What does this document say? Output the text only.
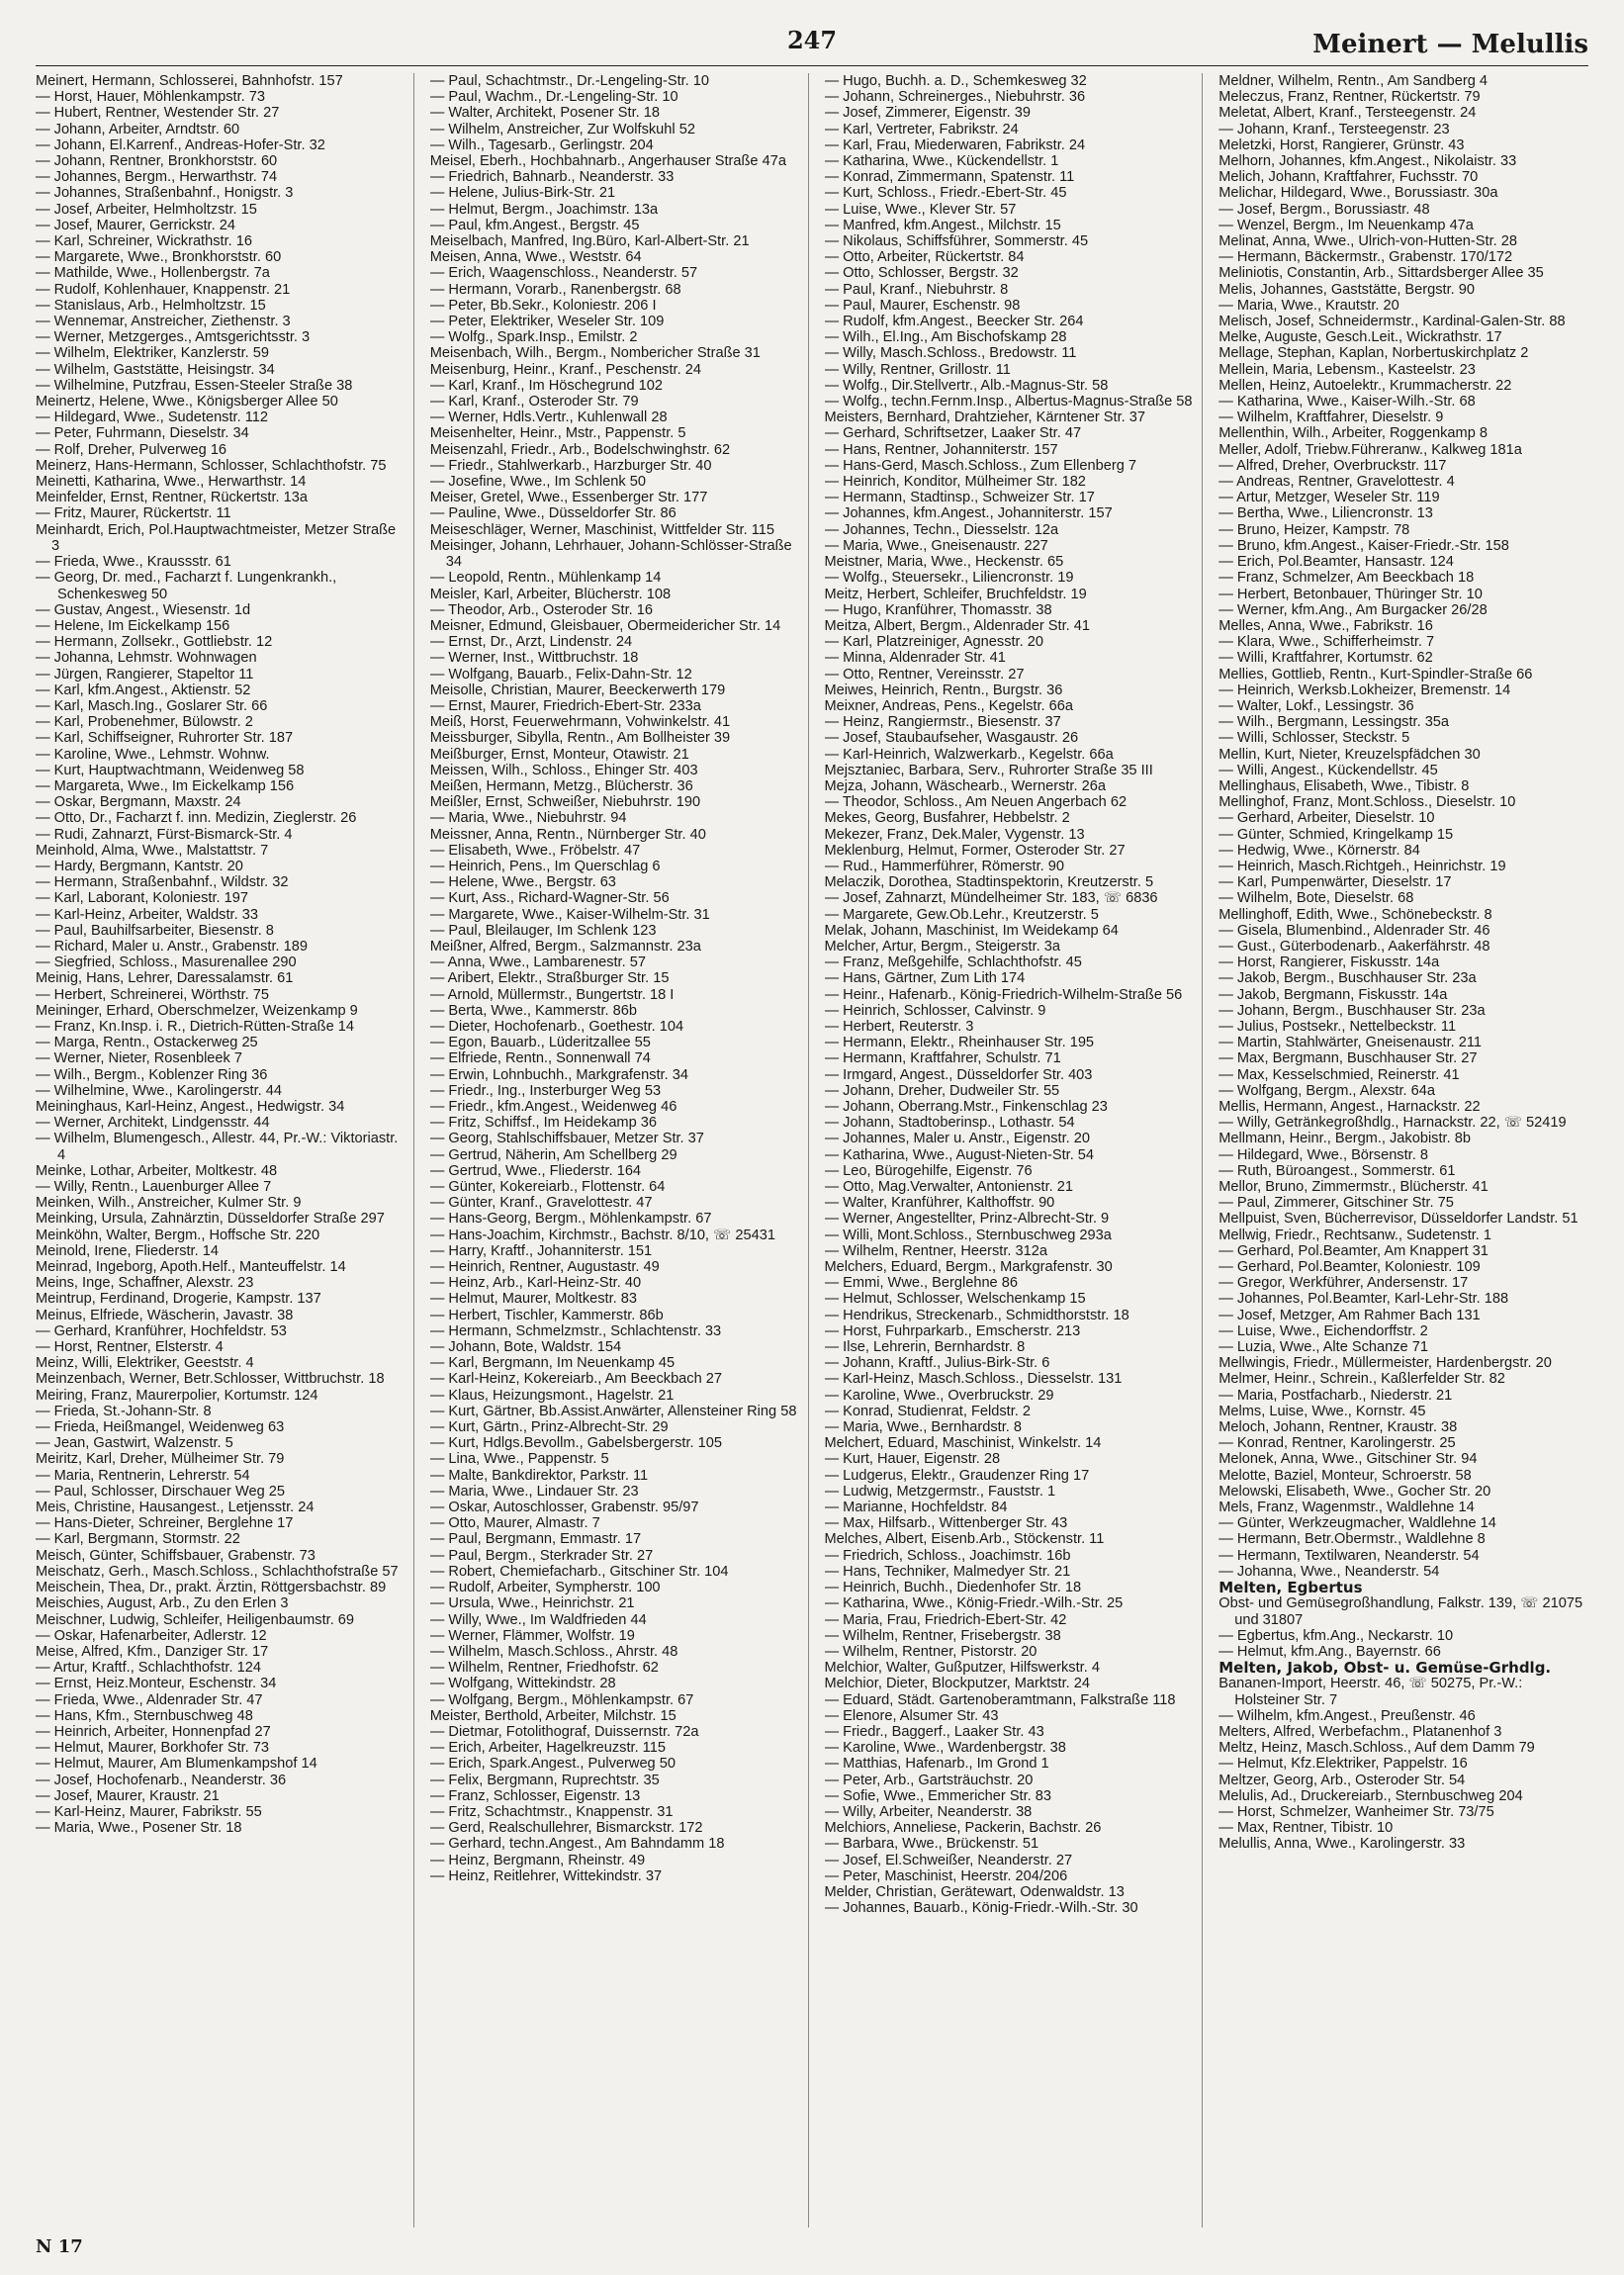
247	Meinert — Melullis
Meinert, Hermann, Schlosserei, Bahnhofstr. 157
— Horst, Hauer, Möhlenkampstr. 73
— Hubert, Rentner, Westender Str. 27
— Johann, Arbeiter, Arndtstr. 60
— Johann, El.Karrenf., Andreas-Hofer-Str. 32
— Johann, Rentner, Bronkhorststr. 60
— Johannes, Bergm., Herwarthstr. 74
— Johannes, Straßenbahnf., Honigstr. 3
— Josef, Arbeiter, Helmholtzstr. 15
— Josef, Maurer, Gerrickstr. 24
— Karl, Schreiner, Wickrathstr. 16
— Margarete, Wwe., Bronkhorststr. 60
— Mathilde, Wwe., Hollenbergstr. 7a
— Rudolf, Kohlenhauer, Knappenstr. 21
— Stanislaus, Arb., Helmholtzstr. 15
— Wennemar, Anstreicher, Ziethenstr. 3
— Werner, Metzgerges., Amtsgerichtsstr. 3
— Wilhelm, Elektriker, Kanzlerstr. 59
— Wilhelm, Gaststätte, Heisingstr. 34
— Wilhelmine, Putzfrau, Essen-Steeler Straße 38
Meinertz, Helene, Wwe., Königsberger Allee 50
— Hildegard, Wwe., Sudetenstr. 112
— Peter, Fuhrmann, Dieselstr. 34
— Rolf, Dreher, Pulverweg 16
Meinerz, Hans-Hermann, Schlosser, Schlachthofstr. 75
Meinetti, Katharina, Wwe., Herwarthstr. 14
Meinfelder, Ernst, Rentner, Rückertstr. 13a
— Fritz, Maurer, Rückertstr. 11
Meinhardt, Erich, Pol.Hauptwachtmeister, Metzer Straße 3
— Frieda, Wwe., Kraussstr. 61
— Georg, Dr. med., Facharzt f. Lungenkrankh., Schenkesweg 50
— Gustav, Angest., Wiesenstr. 1d
— Helene, Im Eickelkamp 156
— Hermann, Zollsekr., Gottliebstr. 12
— Johanna, Lehmstr. Wohnwagen
— Jürgen, Rangierer, Stapeltor 11
— Karl, kfm.Angest., Aktienstr. 52
— Karl, Masch.Ing., Goslarer Str. 66
— Karl, Probenehmer, Bülowstr. 2
— Karl, Schiffseigner, Ruhrorter Str. 187
— Karoline, Wwe., Lehmstr. Wohnw.
— Kurt, Hauptwachtmann, Weidenweg 58
— Margareta, Wwe., Im Eickelkamp 156
— Oskar, Bergmann, Maxstr. 24
— Otto, Dr., Facharzt f. inn. Medizin, Zieglerstr. 26
— Rudi, Zahnarzt, Fürst-Bismarck-Str. 4
Meinhold, Alma, Wwe., Malstattstr. 7
— Hardy, Bergmann, Kantstr. 20
— Hermann, Straßenbahnf., Wildstr. 32
— Karl, Laborant, Koloniestr. 197
— Karl-Heinz, Arbeiter, Waldstr. 33
— Paul, Bauhilfsarbeiter, Biesenstr. 8
— Richard, Maler u. Anstr., Grabenstr. 189
— Siegfried, Schloss., Masurenallee 290
Meinig, Hans, Lehrer, Daressalamstr. 61
— Herbert, Schreinerei, Wörthstr. 75
Meininger, Erhard, Oberschmelzer, Weizenkamp 9
— Franz, Kn.Insp. i. R., Dietrich-Rütten-Straße 14
— Marga, Rentn., Ostackerweg 25
— Werner, Nieter, Rosenbleek 7
— Wilh., Bergm., Koblenzer Ring 36
— Wilhelmine, Wwe., Karolingerstr. 44
Meininghaus, Karl-Heinz, Angest., Hedwigstr. 34
— Werner, Architekt, Lindgensstr. 44
— Wilhelm, Blumengesch., Allestr. 44, Pr.-W.: Viktoriastr. 4
Meinke, Lothar, Arbeiter, Moltkestr. 48
— Willy, Rentn., Lauenburger Allee 7
Meinken, Wilh., Anstreicher, Kulmer Str. 9
Meinking, Ursula, Zahnärztin, Düsseldorfer Straße 297
Meinköhn, Walter, Bergm., Hoffsche Str. 220
Meinold, Irene, Fliederstr. 14
Meinrad, Ingeborg, Apoth.Helf., Manteuffelstr. 14
Meins, Inge, Schaffner, Alexstr. 23
Meintrup, Ferdinand, Drogerie, Kampstr. 137
Meinus, Elfriede, Wäscherin, Javastr. 38
— Gerhard, Kranführer, Hochfeldstr. 53
— Horst, Rentner, Elsterstr. 4
Meinz, Willi, Elektriker, Geeststr. 4
Meinzenbach, Werner, Betr.Schlosser, Wittbruchstr. 18
Meiring, Franz, Maurerpolier, Kortumstr. 124
— Frieda, St.-Johann-Str. 8
— Frieda, Heißmangel, Weidenweg 63
— Jean, Gastwirt, Walzenstr. 5
Meiritz, Karl, Dreher, Mülheimer Str. 79
— Maria, Rentnerin, Lehrerstr. 54
— Paul, Schlosser, Dirschauer Weg 25
Meis, Christine, Hausangest., Letjensstr. 24
— Hans-Dieter, Schreiner, Berglehne 17
— Karl, Bergmann, Stormstr. 22
Meisch, Günter, Schiffsbauer, Grabenstr. 73
Meischatz, Gerh., Masch.Schloss., Schlachthofstraße 57
Meischein, Thea, Dr., prakt. Ärztin, Röttgersbachstr. 89
Meischies, August, Arb., Zu den Erlen 3
Meischner, Ludwig, Schleifer, Heiligenbaumstr. 69
— Oskar, Hafenarbeiter, Adlerstr. 12
Meise, Alfred, Kfm., Danziger Str. 17
— Artur, Kraftf., Schlachthofstr. 124
— Ernst, Heiz.Monteur, Eschenstr. 34
— Frieda, Wwe., Aldenrader Str. 47
— Hans, Kfm., Sternbuschweg 48
— Heinrich, Arbeiter, Honnenpfad 27
— Helmut, Maurer, Borkhofer Str. 73
— Helmut, Maurer, Am Blumenkampshof 14
— Josef, Hochofenarb., Neanderstr. 36
— Josef, Maurer, Kraustr. 21
— Karl-Heinz, Maurer, Fabrikstr. 55
— Maria, Wwe., Posener Str. 18
— Paul, Schachtmstr., Dr.-Lengeling-Str. 10
— Paul, Wachm., Dr.-Lengeling-Str. 10
— Walter, Architekt, Posener Str. 18
— Wilhelm, Anstreicher, Zur Wolfskuhl 52
— Wilh., Tagesarb., Gerlingstr. 204
Meisel, Eberh., Hochbahnarb., Angerhauser Straße 47a
— Friedrich, Bahnarb., Neanderstr. 33
— Helene, Julius-Birk-Str. 21
— Helmut, Bergm., Joachimstr. 13a
— Paul, kfm.Angest., Bergstr. 45
Meiselbach, Manfred, Ing.Büro, Karl-Albert-Str. 21
Meisen, Anna, Wwe., Weststr. 64
— Erich, Waagenschloss., Neanderstr. 57
— Hermann, Vorarb., Ranenbergstr. 68
— Peter, Bb.Sekr., Koloniestr. 206 I
— Peter, Elektriker, Weseler Str. 109
— Wolfg., Spark.Insp., Emilstr. 2
Meisenbach, Wilh., Bergm., Nombericher Straße 31
Meisenburg, Heinr., Kranf., Peschenstr. 24
— Karl, Kranf., Im Höschegrund 102
— Karl, Kranf., Osteroder Str. 79
— Werner, Hdls.Vertr., Kuhlenwall 28
Meisenhelter, Heinr., Mstr., Pappenstr. 5
Meisenzahl, Friedr., Arb., Bodelschwinghstr. 62
— Friedr., Stahlwerkarb., Harzburger Str. 40
— Josefine, Wwe., Im Schlenk 50
Meiser, Gretel, Wwe., Essenberger Str. 177
— Pauline, Wwe., Düsseldorfer Str. 86
Meiseschläger, Werner, Maschinist, Wittfelder Str. 115
Meisinger, Johann, Lehrhauer, Johann-Schlösser-Straße 34
— Leopold, Rentn., Mühlenkamp 14
Meisler, Karl, Arbeiter, Blücherstr. 108
— Theodor, Arb., Osteroder Str. 16
Meisner, Edmund, Gleisbauer, Obermeidericher Str. 14
— Ernst, Dr., Arzt, Lindenstr. 24
— Werner, Inst., Wittbruchstr. 18
— Wolfgang, Bauarb., Felix-Dahn-Str. 12
Meisolle, Christian, Maurer, Beeckerwerth 179
— Ernst, Maurer, Friedrich-Ebert-Str. 233a
Meiß, Horst, Feuerwehrmann, Vohwinkelstr. 41
Meissburger, Sibylla, Rentn., Am Bollheister 39
Meißburger, Ernst, Monteur, Otawistr. 21
Meissen, Wilh., Schloss., Ehinger Str. 403
Meißen, Hermann, Metzg., Blücherstr. 36
Meißler, Ernst, Schweißer, Niebuhrstr. 190
— Maria, Wwe., Niebuhrstr. 94
Meissner, Anna, Rentn., Nürnberger Str. 40
— Elisabeth, Wwe., Fröbelstr. 47
— Heinrich, Pens., Im Querschlag 6
— Helene, Wwe., Bergstr. 63
— Kurt, Ass., Richard-Wagner-Str. 56
— Margarete, Wwe., Kaiser-Wilhelm-Str. 31
— Paul, Bleilauger, Im Schlenk 123
Meißner, Alfred, Bergm., Salzmannstr. 23a
— Anna, Wwe., Lambarenestr. 57
— Aribert, Elektr., Straßburger Str. 15
— Arnold, Müllermstr., Bungertstr. 18 I
— Berta, Wwe., Kammerstr. 86b
— Dieter, Hochofenarb., Goethestr. 104
— Egon, Bauarb., Lüderitzallee 55
— Elfriede, Rentn., Sonnenwall 74
— Erwin, Lohnbuchh., Markgrafenstr. 34
— Friedr., Ing., Insterburger Weg 53
— Friedr., kfm.Angest., Weidenweg 46
— Fritz, Schiffsf., Im Heidekamp 36
— Georg, Stahlschiffsbauer, Metzer Str. 37
— Gertrud, Näherin, Am Schellberg 29
— Gertrud, Wwe., Fliederstr. 164
— Günter, Kokereiarb., Flottenstr. 64
— Günter, Kranf., Gravelottestr. 47
— Hans-Georg, Bergm., Möhlenkampstr. 67
— Hans-Joachim, Kirchmstr., Bachstr. 8/10, ☏ 25431
— Harry, Kraftf., Johanniterstr. 151
— Heinrich, Rentner, Augustastr. 49
— Heinz, Arb., Karl-Heinz-Str. 40
— Helmut, Maurer, Moltkestr. 83
— Herbert, Tischler, Kammerstr. 86b
— Hermann, Schmelzmstr., Schlachtenstr. 33
— Johann, Bote, Waldstr. 154
— Karl, Bergmann, Im Neuenkamp 45
— Karl-Heinz, Kokereiarb., Am Beeckbach 27
— Klaus, Heizungsmont., Hagelstr. 21
— Kurt, Gärtner, Bb.Assist.Anwärter, Allensteiner Ring 58
— Kurt, Gärtn., Prinz-Albrecht-Str. 29
— Kurt, Hdlgs.Bevollm., Gabelsbergerstr. 105
— Lina, Wwe., Pappenstr. 5
— Malte, Bankdirektor, Parkstr. 11
— Maria, Wwe., Lindauer Str. 23
— Oskar, Autoschlosser, Grabenstr. 95/97
— Otto, Maurer, Almastr. 7
— Paul, Bergmann, Emmastr. 17
— Paul, Bergm., Sterkrader Str. 27
— Robert, Chemiefacharb., Gitschiner Str. 104
— Rudolf, Arbeiter, Sympherstr. 100
— Ursula, Wwe., Heinrichstr. 21
— Willy, Wwe., Im Waldfrieden 44
— Werner, Flämmer, Wolfstr. 19
— Wilhelm, Masch.Schloss., Ahrstr. 48
— Wilhelm, Rentner, Friedhofstr. 62
— Wolfgang, Wittekindstr. 28
— Wolfgang, Bergm., Möhlenkampstr. 67
Meister, Berthold, Arbeiter, Milchstr. 15
— Dietmar, Fotolithograf, Duissernstr. 72a
— Erich, Arbeiter, Hagelkreuzstr. 115
— Erich, Spark.Angest., Pulverweg 50
— Felix, Bergmann, Ruprechtstr. 35
— Franz, Schlosser, Eigenstr. 13
— Fritz, Schachtmstr., Knappenstr. 31
— Gerd, Realschullehrer, Bismarckstr. 172
— Gerhard, techn.Angest., Am Bahndamm 18
— Heinz, Bergmann, Rheinstr. 49
— Heinz, Reitlehrer, Wittekindstr. 37
— Hugo, Buchh. a. D., Schemkesweg 32
— Johann, Schreinerges., Niebuhrstr. 36
— Josef, Zimmerer, Eigenstr. 39
— Karl, Vertreter, Fabrikstr. 24
— Karl, Frau, Miederwaren, Fabrikstr. 24
— Katharina, Wwe., Kückendellstr. 1
— Konrad, Zimmermann, Spatenstr. 11
— Kurt, Schloss., Friedr.-Ebert-Str. 45
— Luise, Wwe., Klever Str. 57
— Manfred, kfm.Angest., Milchstr. 15
— Nikolaus, Schiffsführer, Sommerstr. 45
— Otto, Arbeiter, Rückertstr. 84
— Otto, Schlosser, Bergstr. 32
— Paul, Kranf., Niebuhrstr. 8
— Paul, Maurer, Eschenstr. 98
— Rudolf, kfm.Angest., Beecker Str. 264
— Wilh., El.Ing., Am Bischofskamp 28
— Willy, Masch.Schloss., Bredowstr. 11
— Willy, Rentner, Grillostr. 11
— Wolfg., Dir.Stellvertr., Alb.-Magnus-Str. 58
— Wolfg., techn.Fernm.Insp., Albertus-Magnus-Straße 58
Meisters, Bernhard, Drahtzieher, Kärntener Str. 37
— Gerhard, Schriftsetzer, Laaker Str. 47
— Hans, Rentner, Johanniterstr. 157
— Hans-Gerd, Masch.Schloss., Zum Ellenberg 7
— Heinrich, Konditor, Mülheimer Str. 182
— Hermann, Stadtinsp., Schweizer Str. 17
— Johannes, kfm.Angest., Johanniterstr. 157
— Johannes, Techn., Diesselstr. 12a
— Maria, Wwe., Gneisenaustr. 227
Meistner, Maria, Wwe., Heckenstr. 65
— Wolfg., Steuersekr., Liliencronstr. 19
Meitz, Herbert, Schleifer, Bruchfeldstr. 19
— Hugo, Kranführer, Thomasstr. 38
Meitza, Albert, Bergm., Aldenrader Str. 41
— Karl, Platzreiniger, Agnesstr. 20
— Minna, Aldenrader Str. 41
— Otto, Rentner, Vereinsstr. 27
Meiwes, Heinrich, Rentn., Burgstr. 36
Meixner, Andreas, Pens., Kegelstr. 66a
— Heinz, Rangiermstr., Biesenstr. 37
— Josef, Staubaufseher, Wasgaustr. 26
— Karl-Heinrich, Walzwerkarb., Kegelstr. 66a
Mejsztaniec, Barbara, Serv., Ruhrorter Straße 35 III
Mejza, Johann, Wäschearb., Wernerstr. 26a
— Theodor, Schloss., Am Neuen Angerbach 62
Mekes, Georg, Busfahrer, Hebbelstr. 2
Mekezer, Franz, Dek.Maler, Vygenstr. 13
Meklenburg, Helmut, Former, Osteroder Str. 27
— Rud., Hammerführer, Römerstr. 90
Melaczik, Dorothea, Stadtinspektorin, Kreutzerstr. 5
— Josef, Zahnarzt, Mündelheimer Str. 183, ☏ 6836
— Margarete, Gew.Ob.Lehr., Kreutzerstr. 5
Melak, Johann, Maschinist, Im Weidekamp 64
Melcher, Artur, Bergm., Steigerstr. 3a
— Franz, Meßgehilfe, Schlachthofstr. 45
— Hans, Gärtner, Zum Lith 174
— Heinr., Hafenarb., König-Friedrich-Wilhelm-Straße 56
— Heinrich, Schlosser, Calvinstr. 9
— Herbert, Reuterstr. 3
— Hermann, Elektr., Rheinhauser Str. 195
— Hermann, Kraftfahrer, Schulstr. 71
— Irmgard, Angest., Düsseldorfer Str. 403
— Johann, Dreher, Dudweiler Str. 55
— Johann, Oberrang.Mstr., Finkenschlag 23
— Johann, Stadtoberinsp., Lothastr. 54
— Johannes, Maler u. Anstr., Eigenstr. 20
— Katharina, Wwe., August-Nieten-Str. 54
— Leo, Bürogehilfe, Eigenstr. 76
— Otto, Mag.Verwalter, Antonienstr. 21
— Walter, Kranführer, Kalthoffstr. 90
— Werner, Angestellter, Prinz-Albrecht-Str. 9
— Willi, Mont.Schloss., Sternbuschweg 293a
— Wilhelm, Rentner, Heerstr. 312a
Melchers, Eduard, Bergm., Markgrafenstr. 30
— Emmi, Wwe., Berglehne 86
— Helmut, Schlosser, Welschenkamp 15
— Hendrikus, Streckenarb., Schmidthorststr. 18
— Horst, Fuhrparkarb., Emscherstr. 213
— Ilse, Lehrerin, Bernhardstr. 8
— Johann, Kraftf., Julius-Birk-Str. 6
— Karl-Heinz, Masch.Schloss., Diesselstr. 131
— Karoline, Wwe., Overbruckstr. 29
— Konrad, Studienrat, Feldstr. 2
— Maria, Wwe., Bernhardstr. 8
Melchert, Eduard, Maschinist, Winkelstr. 14
— Kurt, Hauer, Eigenstr. 28
— Ludgerus, Elektr., Graudenzer Ring 17
— Ludwig, Metzgermstr., Fauststr. 1
— Marianne, Hochfeldstr. 84
— Max, Hilfsarb., Wittenberger Str. 43
Melches, Albert, Eisenb.Arb., Stöckenstr. 11
— Friedrich, Schloss., Joachimstr. 16b
— Hans, Techniker, Malmedyer Str. 21
— Heinrich, Buchh., Diedenhofer Str. 18
— Katharina, Wwe., König-Friedr.-Wilh.-Str. 25
— Maria, Frau, Friedrich-Ebert-Str. 42
— Wilhelm, Rentner, Frisebergstr. 38
— Wilhelm, Rentner, Pistorstr. 20
Melchior, Walter, Gußputzer, Hilfswerkstr. 4
Melchior, Dieter, Blockputzer, Marktstr. 24
— Eduard, Städt. Gartenoberamtmann, Falkstraße 118
— Elenore, Alsumer Str. 43
— Friedr., Baggerf., Laaker Str. 43
— Karoline, Wwe., Wardenbergstr. 38
— Matthias, Hafenarb., Im Grond 1
— Peter, Arb., Gartsträuchstr. 20
— Sofie, Wwe., Emmericher Str. 83
— Willy, Arbeiter, Neanderstr. 38
Melchiors, Anneliese, Packerin, Bachstr. 26
— Barbara, Wwe., Brückenstr. 51
— Josef, El.Schweißer, Neanderstr. 27
— Peter, Maschinist, Heerstr. 204/206
Melder, Christian, Gerätewart, Odenwaldstr. 13
— Johannes, Bauarb., König-Friedr.-Wilh.-Str. 30
Meldner, Wilhelm, Rentn., Am Sandberg 4
Meleczus, Franz, Rentner, Rückertstr. 79
Meletat, Albert, Kranf., Tersteegenstr. 24
— Johann, Kranf., Tersteegenstr. 23
Meletzki, Horst, Rangierer, Grünstr. 43
Melhorn, Johannes, kfm.Angest., Nikolaistr. 33
Melich, Johann, Kraftfahrer, Fuchsstr. 70
Melichar, Hildegard, Wwe., Borussiastr. 30a
— Josef, Bergm., Borussiastr. 48
— Wenzel, Bergm., Im Neuenkamp 47a
Melinat, Anna, Wwe., Ulrich-von-Hutten-Str. 28
— Hermann, Bäckermstr., Grabenstr. 170/172
Meliniotis, Constantin, Arb., Sittardsberger Allee 35
Melis, Johannes, Gaststätte, Bergstr. 90
— Maria, Wwe., Krautstr. 20
Melisch, Josef, Schneidermstr., Kardinal-Galen-Str. 88
Melke, Auguste, Gesch.Leit., Wickrathstr. 17
Mellage, Stephan, Kaplan, Norbertuskirchplatz 2
Mellein, Maria, Lebensm., Kasteelstr. 23
Mellen, Heinz, Autoelektr., Krummacherstr. 22
— Katharina, Wwe., Kaiser-Wilh.-Str. 68
— Wilhelm, Kraftfahrer, Dieselstr. 9
Mellenthin, Wilh., Arbeiter, Roggenkamp 8
Meller, Adolf, Triebw.Führeranw., Kalkweg 181a
— Alfred, Dreher, Overbruckstr. 117
— Andreas, Rentner, Gravelottestr. 4
— Artur, Metzger, Weseler Str. 119
— Bertha, Wwe., Liliencronstr. 13
— Bruno, Heizer, Kampstr. 78
— Bruno, kfm.Angest., Kaiser-Friedr.-Str. 158
— Erich, Pol.Beamter, Hansastr. 124
— Franz, Schmelzer, Am Beeckbach 18
— Herbert, Betonbauer, Thüringer Str. 10
— Werner, kfm.Ang., Am Burgacker 26/28
Melles, Anna, Wwe., Fabrikstr. 16
— Klara, Wwe., Schifferheimstr. 7
— Willi, Kraftfahrer, Kortumstr. 62
Mellies, Gottlieb, Rentn., Kurt-Spindler-Straße 66
— Heinrich, Werksb.Lokheizer, Bremenstr. 14
— Walter, Lokf., Lessingstr. 36
— Wilh., Bergmann, Lessingstr. 35a
— Willi, Schlosser, Steckstr. 5
Mellin, Kurt, Nieter, Kreuzelspfädchen 30
— Willi, Angest., Kückendellstr. 45
Mellinghaus, Elisabeth, Wwe., Tibistr. 8
Mellinghof, Franz, Mont.Schloss., Dieselstr. 10
— Gerhard, Arbeiter, Dieselstr. 10
— Günter, Schmied, Kringelkamp 15
— Hedwig, Wwe., Körnerstr. 84
— Heinrich, Masch.Richtgeh., Heinrichstr. 19
— Karl, Pumpenwärter, Dieselstr. 17
— Wilhelm, Bote, Dieselstr. 68
Mellinghoff, Edith, Wwe., Schönebeckstr. 8
— Gisela, Blumenbind., Aldenrader Str. 46
— Gust., Güterbodenarb., Aakerfährstr. 48
— Horst, Rangierer, Fiskusstr. 14a
— Jakob, Bergm., Buschhauser Str. 23a
— Jakob, Bergmann, Fiskusstr. 14a
— Johann, Bergm., Buschhauser Str. 23a
— Julius, Postsekr., Nettelbeckstr. 11
— Martin, Stahlwärter, Gneisenaustr. 211
— Max, Bergmann, Buschhauser Str. 27
— Max, Kesselschmied, Reinerstr. 41
— Wolfgang, Bergm., Alexstr. 64a
Mellis, Hermann, Angest., Harnackstr. 22
— Willy, Getränkegroßhdlg., Harnackstr. 22, ☏ 52419
Mellmann, Heinr., Bergm., Jakobistr. 8b
— Hildegard, Wwe., Börsenstr. 8
— Ruth, Büroangest., Sommerstr. 61
Mellor, Bruno, Zimmermstr., Blücherstr. 41
— Paul, Zimmerer, Gitschiner Str. 75
Mellpuist, Sven, Bücherrevisor, Düsseldorfer Landstr. 51
Mellwig, Friedr., Rechtsanw., Sudetenstr. 1
— Gerhard, Pol.Beamter, Am Knappert 31
— Gerhard, Pol.Beamter, Koloniestr. 109
— Gregor, Werkführer, Andersenstr. 17
— Johannes, Pol.Beamter, Karl-Lehr-Str. 188
— Josef, Metzger, Am Rahmer Bach 131
— Luise, Wwe., Eichendorffstr. 2
— Luzia, Wwe., Alte Schanze 71
Mellwingis, Friedr., Müllermeister, Hardenbergstr. 20
Melmer, Heinr., Schrein., Kaßlerfelder Str. 82
— Maria, Postfacharb., Niederstr. 21
Melms, Luise, Wwe., Kornstr. 45
Meloch, Johann, Rentner, Kraustr. 38
— Konrad, Rentner, Karolingerstr. 25
Melonek, Anna, Wwe., Gitschiner Str. 94
Melotte, Baziel, Monteur, Schroerstr. 58
Melowski, Elisabeth, Wwe., Gocher Str. 20
Mels, Franz, Wagenmstr., Waldlehne 14
— Günter, Werkzeugmacher, Waldlehne 14
— Hermann, Betr.Obermstr., Waldlehne 8
— Hermann, Textilwaren, Neanderstr. 54
— Johanna, Wwe., Neanderstr. 54
Melten, Egbertus
Obst- und Gemüsegroßhandlung, Falkstr. 139, ☏ 21075 und 31807
— Egbertus, kfm.Ang., Neckarstr. 10
— Helmut, kfm.Ang., Bayernstr. 66
Melten, Jakob, Obst- u. Gemüse-Grhdlg.
Bananen-Import, Heerstr. 46, ☏ 50275, Pr.-W.: Holsteiner Str. 7
— Wilhelm, kfm.Angest., Preußenstr. 46
Melters, Alfred, Werbefachm., Platanenhof 3
Meltz, Heinz, Masch.Schloss., Auf dem Damm 79
— Helmut, Kfz.Elektriker, Pappelstr. 16
Meltzer, Georg, Arb., Osteroder Str. 54
Melulis, Ad., Druckereiarb., Sternbuschweg 204
— Horst, Schmelzer, Wanheimer Str. 73/75
— Max, Rentner, Tibistr. 10
Melullis, Anna, Wwe., Karolingerstr. 33
N 17
